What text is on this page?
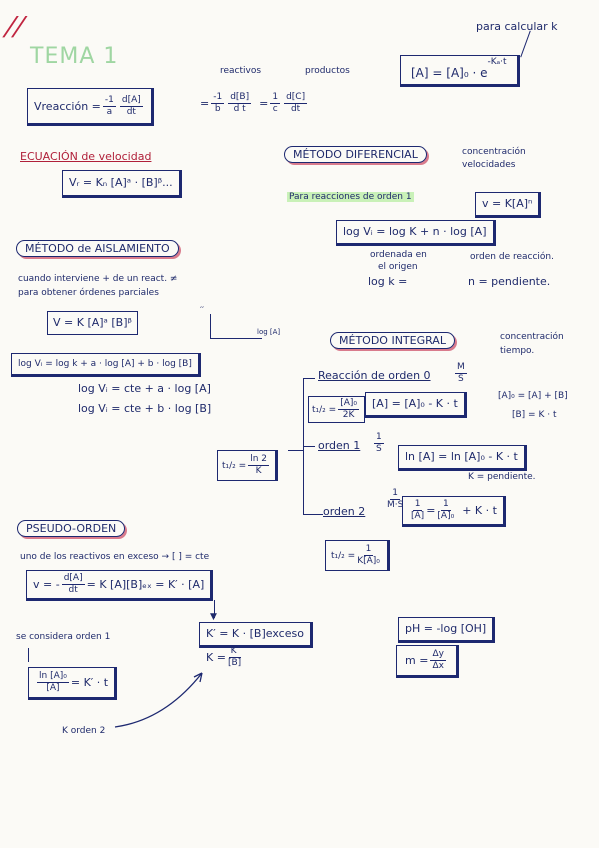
//
TEMA 1
para calcular k
$[A] = [A]_0 \cdot e^{-K_a\cdot t}$
reactivos	productos
Vreacción = $\frac{-1}{a} \frac{d[A]}{dt}$	= $\frac{-1}{b} \frac{d[B]}{\text{d t}} = \frac{1}{c} \frac{d[C]}{dt}$
ECUACIÓN de velocidad
Vᵣ = Kₙ [A]ᵃ · [B]ᵝ...
MÉTODO DIFERENCIAL	concentración
velocidades
Para reacciones de orden 1	v = K[A]ⁿ
log Vᵢ = log K + n · log [A]
ordenada en
el origen
orden de reacción.
log k =	n = pendiente.
MÉTODO de AISLAMIENTO
cuando interviene + de un react. ≠
para obtener órdenes parciales
V = K [A]ᵃ [B]ᵝ
′′
log [A]
log Vᵢ = log k + a · log [A] + b · log [B]
log Vᵢ = cte + a · log [A]
log Vᵢ = cte + b · log [B]
MÉTODO INTEGRAL	concentración
tiempo.
Reacción de orden 0	$\frac{M}{S}$
$t_1/_2 = \frac{\text{[A]₀}}{2K}$	[A] = [A]₀ - K · t
[A]₀ = [A] + [B]
[B] = K · t
$t_1/_2 = \frac{\ln 2}{K}$
orden $1 \frac{1}{S}$
ln [A] = ln [A]₀ - K · t
K = pendiente.
orden 2
$\frac{1}{M\cdot S} \frac{1}{[A]} = \frac{1}{\text{[A]₀}} + K \cdot t$
$t_1/_2 = \frac{1}{\text{K[A]₀}}$
PSEUDO-ORDEN
uno de los reactivos en exceso → [ ] = cte
v = - $\frac{d[A]}{dt} = K$ [A][B]ₑₓ = K′ · [A]
▼
K′ = K · [B]exceso
$K = \frac{K'}{[B]}$
se considera orden 1
$\frac{\text{ln [A]₀}}{[A]} = K' \cdot t$
K orden 2
pH = -log [OH]
$m = \frac{\Delta y}{\Delta x}$
